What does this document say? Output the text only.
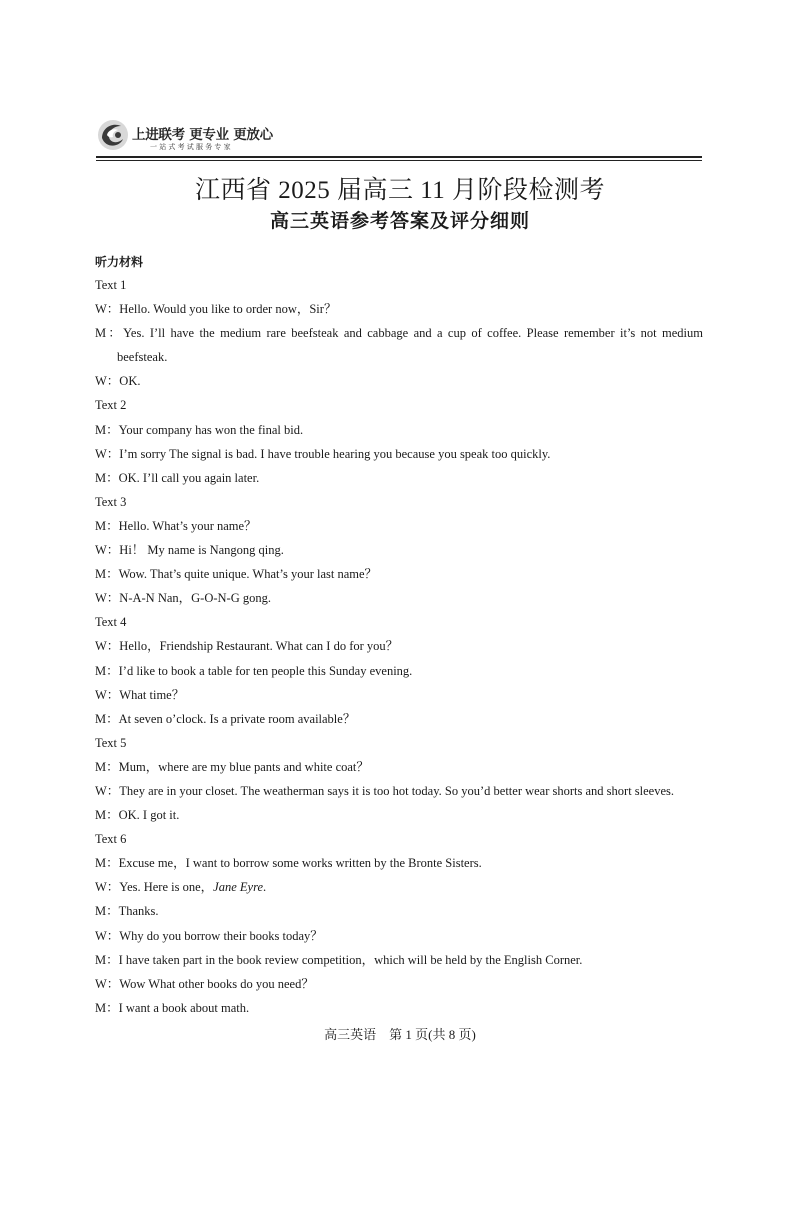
上进联考 更专业 更放心
一站式考试服务专家
江西省 2025 届高三 11 月阶段检测考
高三英语参考答案及评分细则
听力材料
Text 1
W：Hello. Would you like to order now，Sir？
M：Yes. I’ll have the medium rare beefsteak and cabbage and a cup of coffee. Please remember it’s not medium
beefsteak.
W：OK.
Text 2
M：Your company has won the final bid.
W：I’m sorry The signal is bad. I have trouble hearing you because you speak too quickly.
M：OK. I’ll call you again later.
Text 3
M：Hello. What’s your name？
W：Hi！ My name is Nangong qing.
M：Wow. That’s quite unique. What’s your last name？
W：N-A-N Nan，G-O-N-G gong.
Text 4
W：Hello，Friendship Restaurant. What can I do for you？
M：I’d like to book a table for ten people this Sunday evening.
W：What time？
M：At seven o’clock. Is a private room available？
Text 5
M：Mum，where are my blue pants and white coat？
W：They are in your closet. The weatherman says it is too hot today. So you’d better wear shorts and short sleeves.
M：OK. I got it.
Text 6
M：Excuse me，I want to borrow some works written by the Bronte Sisters.
W：Yes. Here is one，Jane Eyre.
M：Thanks.
W：Why do you borrow their books today？
M：I have taken part in the book review competition，which will be held by the English Corner.
W：Wow What other books do you need？
M：I want a book about math.
高三英语　第 1 页(共 8 页)
